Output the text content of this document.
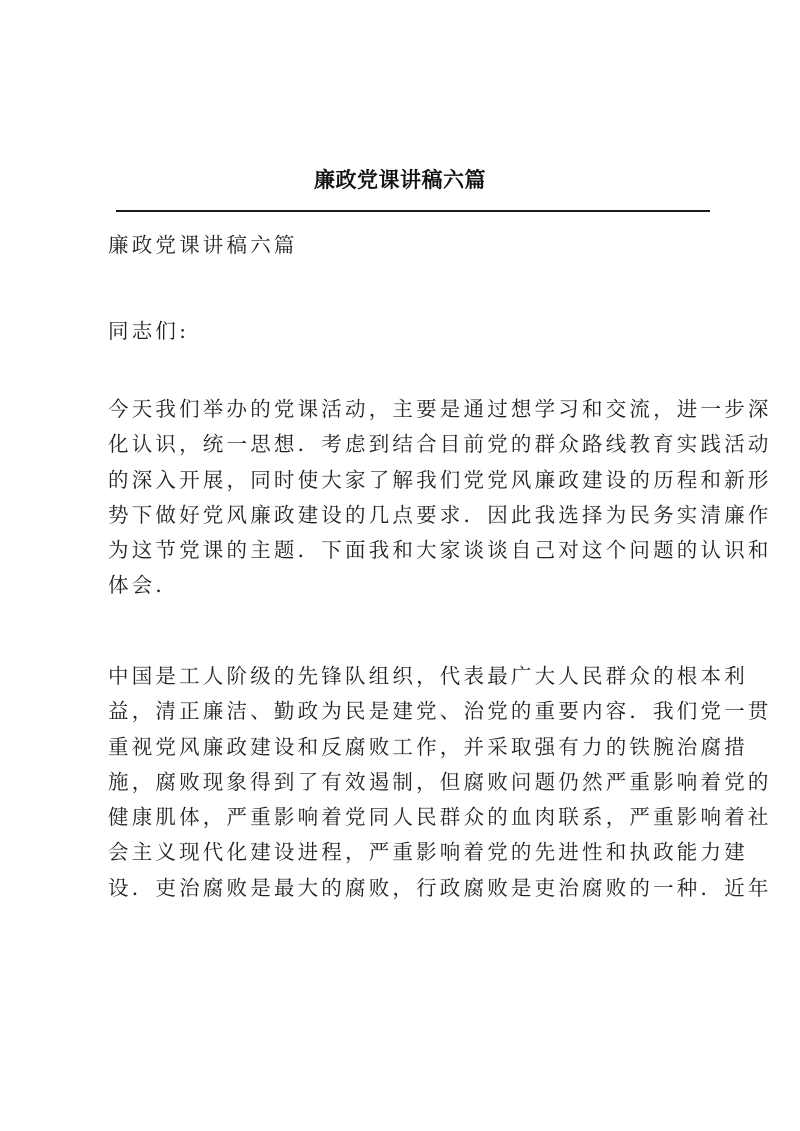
廉政党课讲稿六篇

廉政党课讲稿六篇

同志们:

今天我们举办的党课活动，主要是通过想学习和交流，进一步深
化认识，统一思想．考虑到结合目前党的群众路线教育实践活动
的深入开展，同时使大家了解我们党党风廉政建设的历程和新形
势下做好党风廉政建设的几点要求．因此我选择为民务实清廉作
为这节党课的主题．下面我和大家谈谈自己对这个问题的认识和
体会．
中国是工人阶级的先锋队组织，代表最广大人民群众的根本利
益，清正廉洁、勤政为民是建党、治党的重要内容．我们党一贯
重视党风廉政建设和反腐败工作，并采取强有力的铁腕治腐措
施，腐败现象得到了有效遏制，但腐败问题仍然严重影响着党的
健康肌体，严重影响着党同人民群众的血肉联系，严重影响着社
会主义现代化建设进程，严重影响着党的先进性和执政能力建
设．吏治腐败是最大的腐败，行政腐败是吏治腐败的一种．近年
